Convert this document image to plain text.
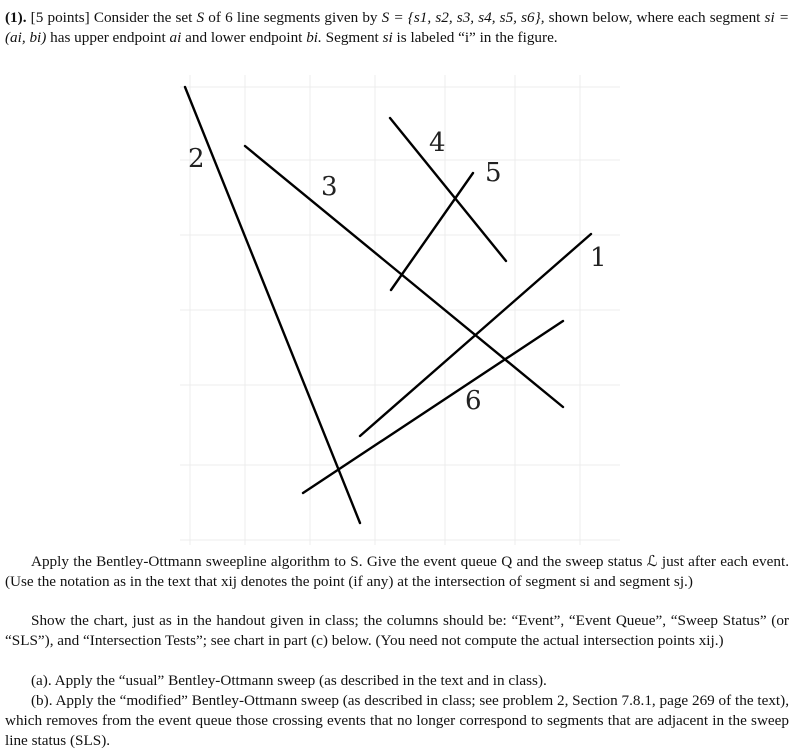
(1). [5 points] Consider the set S of 6 line segments given by S = {s1, s2, s3, s4, s5, s6}, shown below, where each segment si = (ai, bi) has upper endpoint ai and lower endpoint bi. Segment si is labeled “i” in the figure.
1
2
3
4
5
6
Apply the Bentley-Ottmann sweepline algorithm to S. Give the event queue Q and the sweep status ℒ just after each event. (Use the notation as in the text that xij denotes the point (if any) at the intersection of segment si and segment sj.)
Show the chart, just as in the handout given in class; the columns should be: “Event”, “Event Queue”, “Sweep Status” (or “SLS”), and “Intersection Tests”; see chart in part (c) below. (You need not compute the actual intersection points xij.)
(a). Apply the “usual” Bentley-Ottmann sweep (as described in the text and in class).
(b). Apply the “modified” Bentley-Ottmann sweep (as described in class; see problem 2, Section 7.8.1, page 269 of the text), which removes from the event queue those crossing events that no longer correspond to segments that are adjacent in the sweep line status (SLS).
